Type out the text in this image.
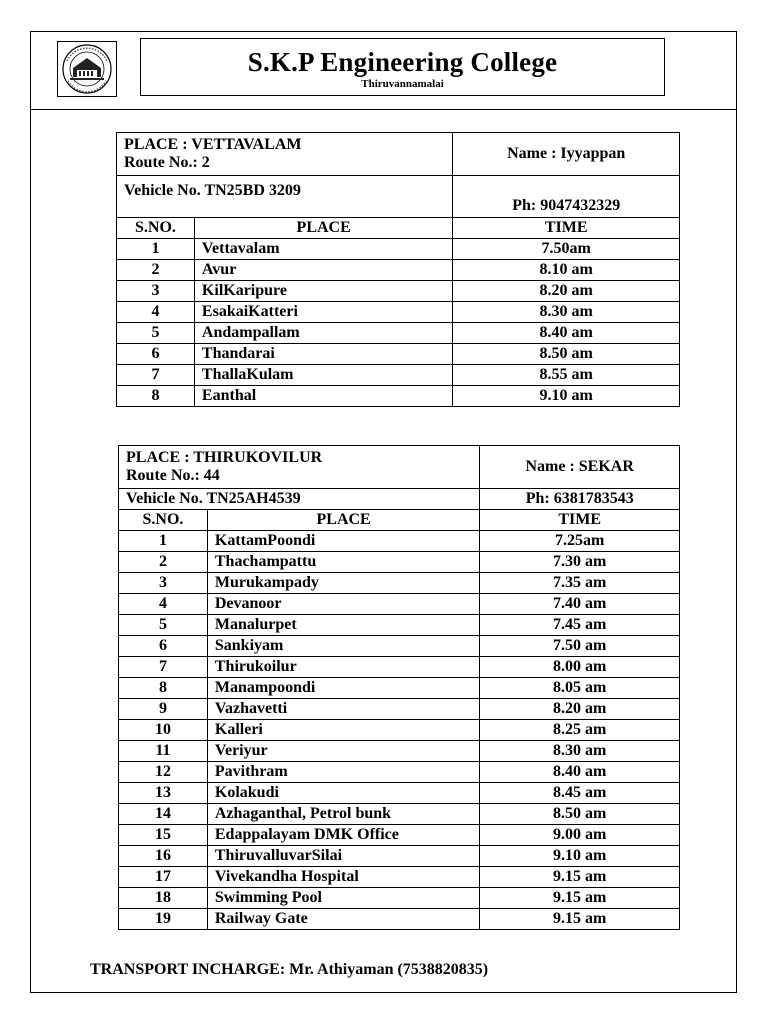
S.K.P Engineering College
Thiruvannamalai
PLACE : VETTAVALAM
Route No.: 2		Name : Iyyappan
Vehicle No. TN25BD 3209		Ph: 9047432329
S.NO.	PLACE	TIME
1	Vettavalam	7.50am
2	Avur	8.10 am
3	KilKaripure	8.20 am
4	EsakaiKatteri	8.30 am
5	Andampallam	8.40 am
6	Thandarai	8.50 am
7	ThallaKulam	8.55 am
8	Eanthal	9.10 am
PLACE : THIRUKOVILUR
Route No.: 44		Name : SEKAR
Vehicle No. TN25AH4539		Ph: 6381783543
S.NO.	PLACE	TIME
1	KattamPoondi	7.25am
2	Thachampattu	7.30 am
3	Murukampady	7.35 am
4	Devanoor	7.40 am
5	Manalurpet	7.45 am
6	Sankiyam	7.50 am
7	Thirukoilur	8.00 am
8	Manampoondi	8.05 am
9	Vazhavetti	8.20 am
10	Kalleri	8.25 am
11	Veriyur	8.30 am
12	Pavithram	8.40 am
13	Kolakudi	8.45 am
14	Azhaganthal, Petrol bunk	8.50 am
15	Edappalayam DMK Office	9.00 am
16	ThiruvalluvarSilai	9.10 am
17	Vivekandha Hospital	9.15 am
18	Swimming Pool	9.15 am
19	Railway Gate	9.15 am
TRANSPORT INCHARGE: Mr. Athiyaman (7538820835)
